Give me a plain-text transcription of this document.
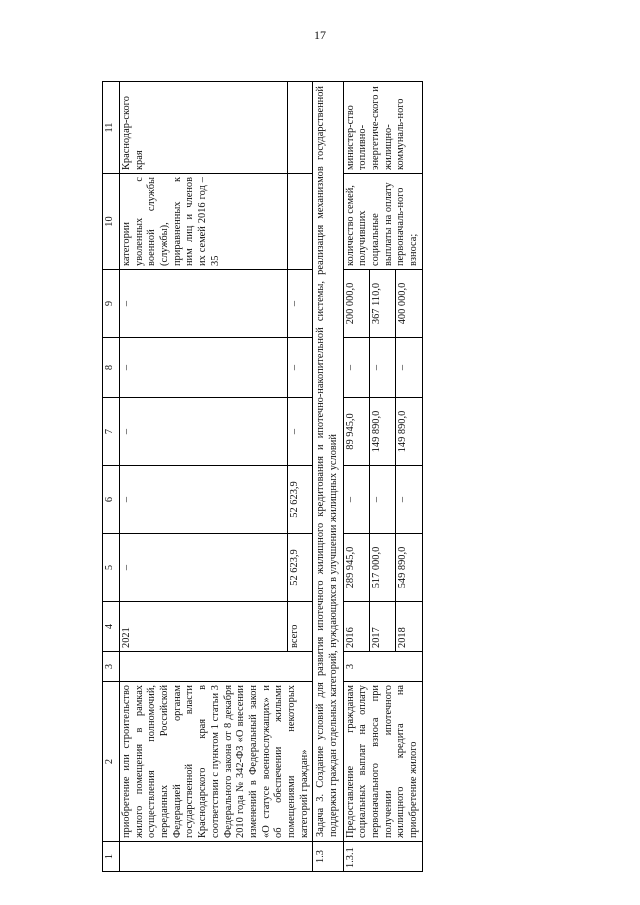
17
1	2	3	4	5	6	7	8	9	10	11
	приобретение или строительство жилого помещения в рамках осуществления полномочий, переданных Российской Федерацией органам государственной власти Краснодарского края в соответствии с пунктом 1 статьи 3 Федерального закона от 8 декабря 2010 года № 342-ФЗ «О внесении изменений в Федеральный закон «О статусе военнослужащих» и об обеспечении жилыми помещениями некоторых категорий граждан»		2021	–	–	–	–	–	категории уволенных с военной службы (службы), приравненных к ним лиц и членов их семей 2016 год – 35	Краснодар-ского края
			всего	52 623,9	52 623,9	–	–	–		
1.3	Задача 3. Создание условий для развития ипотечного жилищного кредитования и ипотечно-накопительной системы, реализация механизмов государственной поддержки граждан отдельных категорий, нуждающихся в улучшении жилищных условий									
1.3.1	Предоставление гражданам социальных выплат на оплату первоначального взноса при получении ипотечного жилищного кредита на приобретение жилого	3	2016	289 945,0	–	89 945,0	–	200 000,0	количество семей, получивших социальные выплаты на оплату первоначаль-ного взноса;	министер-ство топливно-энергетиче-ского и жилищно-коммуналь-ного
			2017	517 000,0	–	149 890,0	–	367 110,0		
			2018	549 890,0	–	149 890,0	–	400 000,0		
